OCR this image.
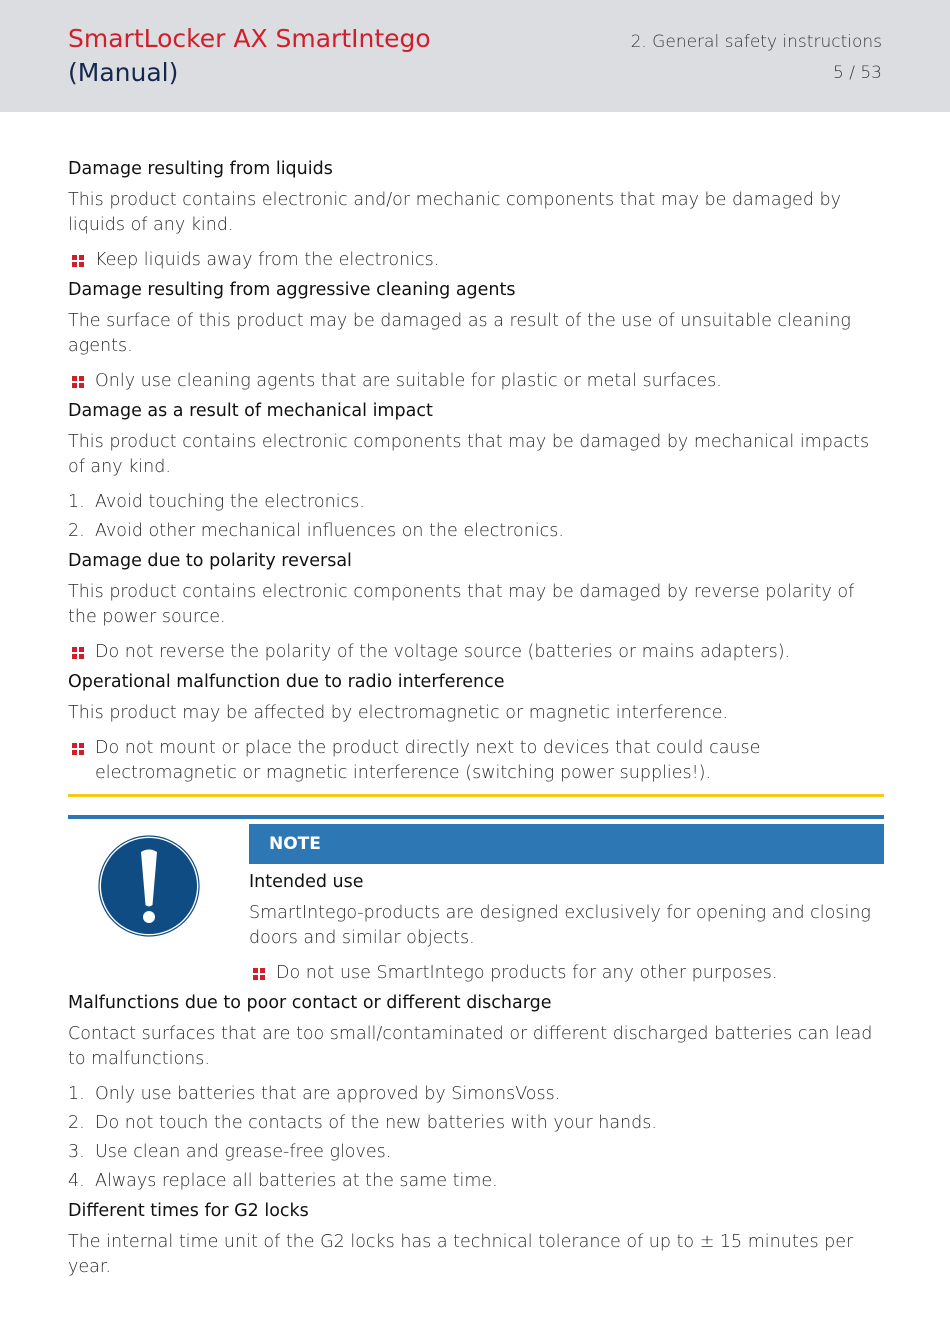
SmartLocker AX SmartIntego
(Manual)
2. General safety instructions
5 / 53
Damage resulting from liquids

This product contains electronic and/or mechanic components that may be damaged by liquids of any kind.

Keep liquids away from the electronics.
Damage resulting from aggressive cleaning agents

The surface of this product may be damaged as a result of the use of unsuitable cleaning agents.

Only use cleaning agents that are suitable for plastic or metal surfaces.
Damage as a result of mechanical impact

This product contains electronic components that may be damaged by mechanical impacts of any kind.

1. Avoid touching the electronics.
2. Avoid other mechanical influences on the electronics.
Damage due to polarity reversal

This product contains electronic components that may be damaged by reverse polarity of the power source.

Do not reverse the polarity of the voltage source (batteries or mains adapters).
Operational malfunction due to radio interference

This product may be affected by electromagnetic or magnetic interference.

Do not mount or place the product directly next to devices that could cause electromagnetic or magnetic interference (switching power supplies!).
NOTE
Intended use

SmartIntego-products are designed exclusively for opening and closing doors and similar objects.

Do not use SmartIntego products for any other purposes.
Malfunctions due to poor contact or different discharge

Contact surfaces that are too small/contaminated or different discharged batteries can lead to malfunctions.

1. Only use batteries that are approved by SimonsVoss.
2. Do not touch the contacts of the new batteries with your hands.
3. Use clean and grease-free gloves.
4. Always replace all batteries at the same time.
Different times for G2 locks

The internal time unit of the G2 locks has a technical tolerance of up to ± 15 minutes per year.
